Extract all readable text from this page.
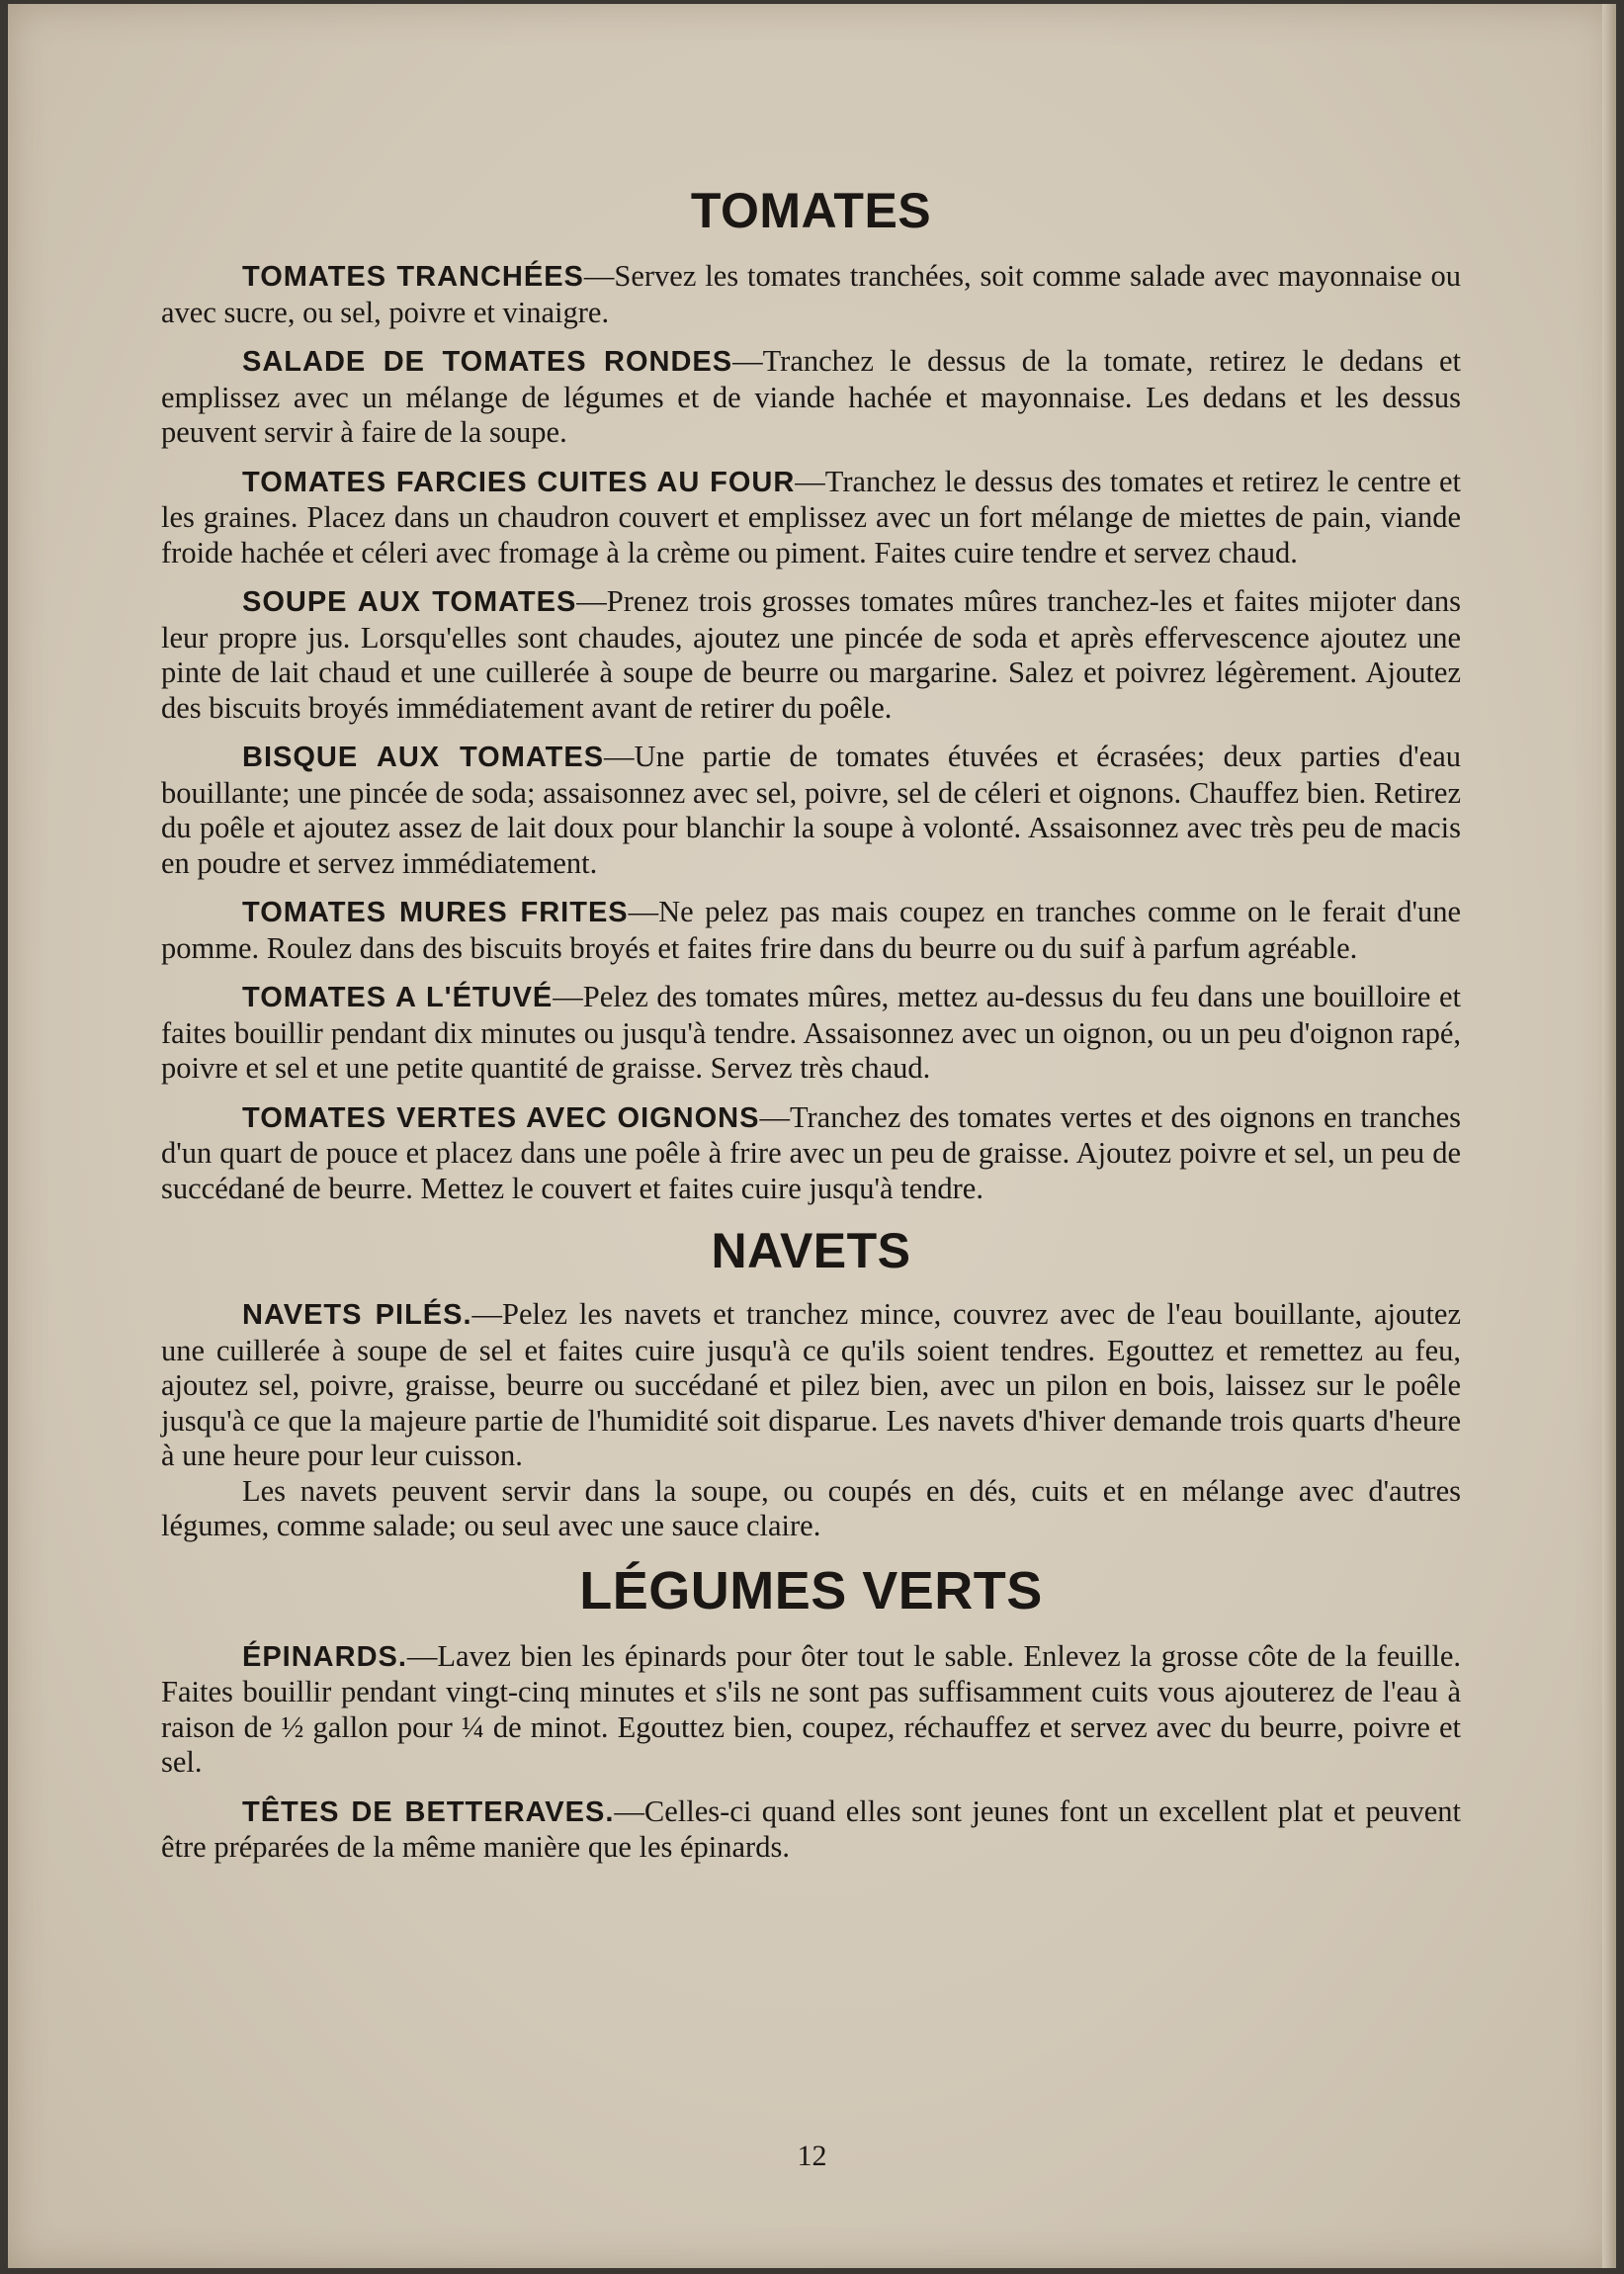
TOMATES

TOMATES TRANCHÉES—Servez les tomates tranchées, soit comme salade avec mayonnaise ou avec sucre, ou sel, poivre et vinaigre.

SALADE DE TOMATES RONDES—Tranchez le dessus de la tomate, retirez le dedans et emplissez avec un mélange de légumes et de viande hachée et mayonnaise. Les dedans et les dessus peuvent servir à faire de la soupe.

TOMATES FARCIES CUITES AU FOUR—Tranchez le dessus des tomates et retirez le centre et les graines. Placez dans un chaudron couvert et emplissez avec un fort mélange de miettes de pain, viande froide hachée et céleri avec fromage à la crème ou piment. Faites cuire tendre et servez chaud.

SOUPE AUX TOMATES—Prenez trois grosses tomates mûres tranchez-les et faites mijoter dans leur propre jus. Lorsqu'elles sont chaudes, ajoutez une pincée de soda et après effervescence ajoutez une pinte de lait chaud et une cuillerée à soupe de beurre ou margarine. Salez et poivrez légèrement. Ajoutez des biscuits broyés immédiatement avant de retirer du poêle.

BISQUE AUX TOMATES—Une partie de tomates étuvées et écrasées; deux parties d'eau bouillante; une pincée de soda; assaisonnez avec sel, poivre, sel de céleri et oignons. Chauffez bien. Retirez du poêle et ajoutez assez de lait doux pour blanchir la soupe à volonté. Assaisonnez avec très peu de macis en poudre et servez immédiatement.

TOMATES MURES FRITES—Ne pelez pas mais coupez en tranches comme on le ferait d'une pomme. Roulez dans des biscuits broyés et faites frire dans du beurre ou du suif à parfum agréable.

TOMATES A L'ÉTUVÉ—Pelez des tomates mûres, mettez au-dessus du feu dans une bouilloire et faites bouillir pendant dix minutes ou jusqu'à tendre. Assaisonnez avec un oignon, ou un peu d'oignon rapé, poivre et sel et une petite quantité de graisse. Servez très chaud.

TOMATES VERTES AVEC OIGNONS—Tranchez des tomates vertes et des oignons en tranches d'un quart de pouce et placez dans une poêle à frire avec un peu de graisse. Ajoutez poivre et sel, un peu de succédané de beurre. Mettez le couvert et faites cuire jusqu'à tendre.

NAVETS

NAVETS PILÉS.—Pelez les navets et tranchez mince, couvrez avec de l'eau bouillante, ajoutez une cuillerée à soupe de sel et faites cuire jusqu'à ce qu'ils soient tendres. Egouttez et remettez au feu, ajoutez sel, poivre, graisse, beurre ou succédané et pilez bien, avec un pilon en bois, laissez sur le poêle jusqu'à ce que la majeure partie de l'humidité soit disparue. Les navets d'hiver demande trois quarts d'heure à une heure pour leur cuisson.

Les navets peuvent servir dans la soupe, ou coupés en dés, cuits et en mélange avec d'autres légumes, comme salade; ou seul avec une sauce claire.

LÉGUMES VERTS

ÉPINARDS.—Lavez bien les épinards pour ôter tout le sable. Enlevez la grosse côte de la feuille. Faites bouillir pendant vingt-cinq minutes et s'ils ne sont pas suffisamment cuits vous ajouterez de l'eau à raison de ½ gallon pour ¼ de minot. Egouttez bien, coupez, réchauffez et servez avec du beurre, poivre et sel.

TÊTES DE BETTERAVES.—Celles-ci quand elles sont jeunes font un excellent plat et peuvent être préparées de la même manière que les épinards.

12
